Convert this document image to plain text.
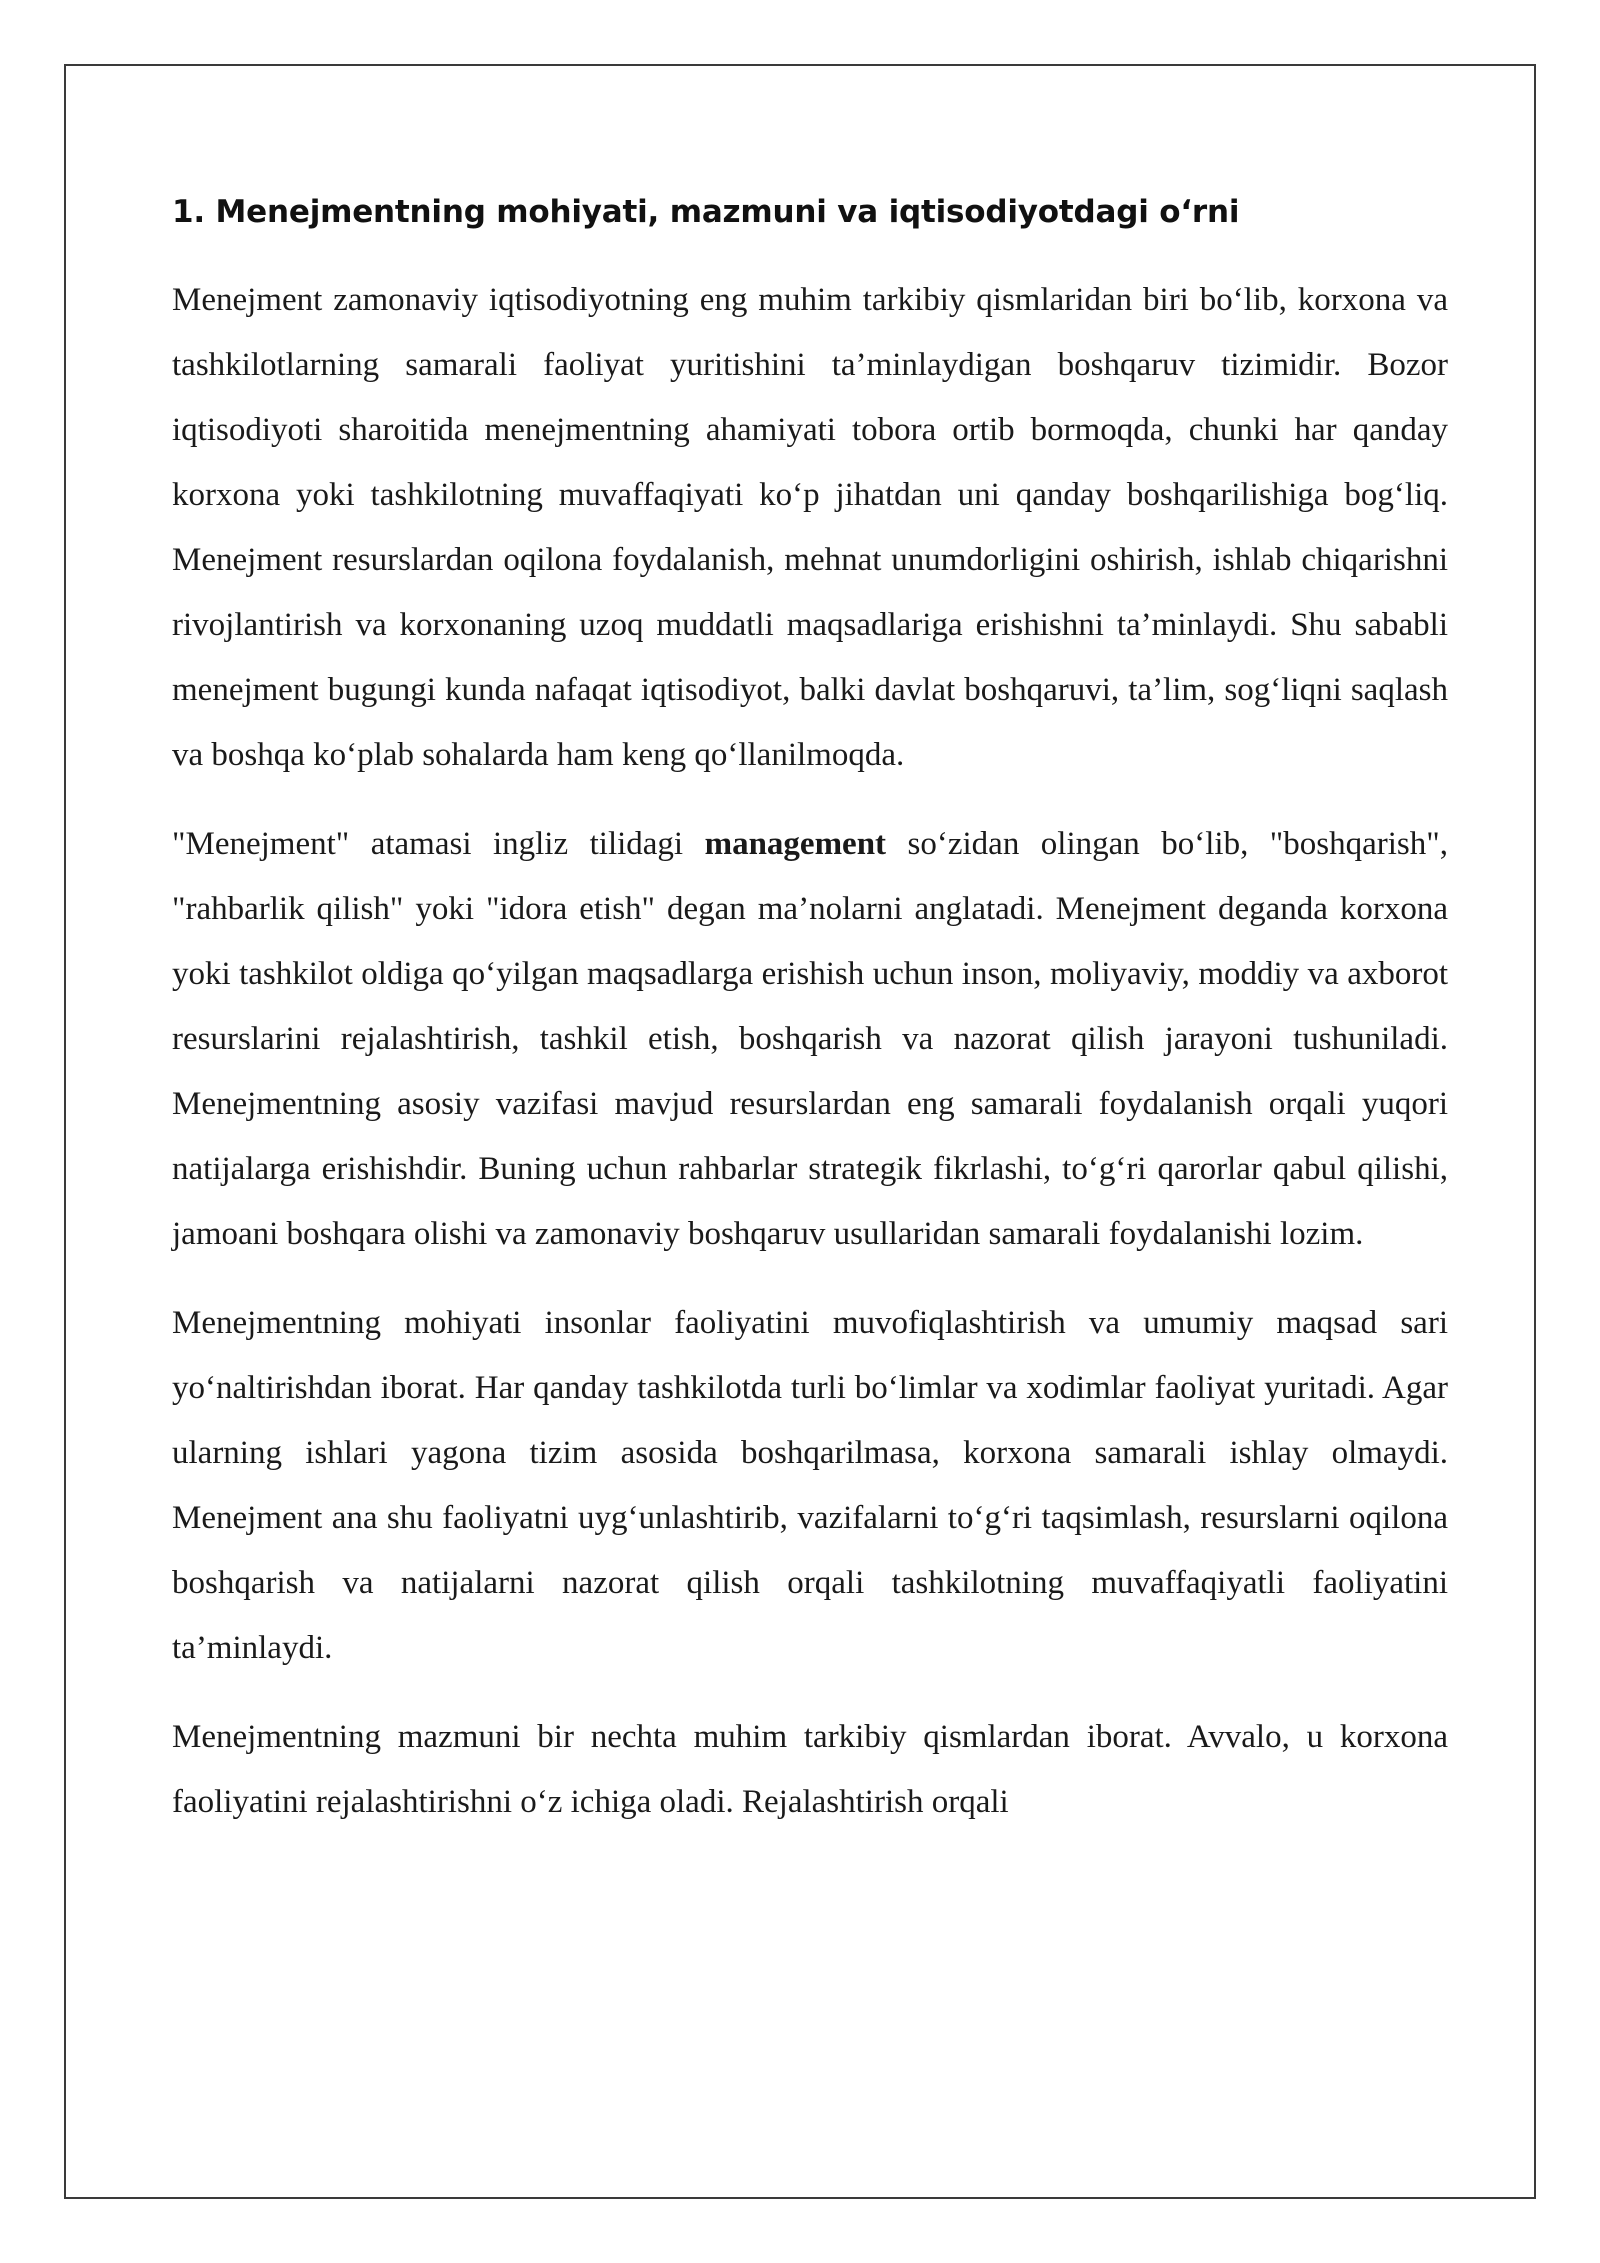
1. Menejmentning mohiyati, mazmuni va iqtisodiyotdagi o‘rni

Menejment zamonaviy iqtisodiyotning eng muhim tarkibiy qismlaridan biri bo‘lib, korxona va tashkilotlarning samarali faoliyat yuritishini ta’minlaydigan boshqaruv tizimidir. Bozor iqtisodiyoti sharoitida menejmentning ahamiyati tobora ortib bormoqda, chunki har qanday korxona yoki tashkilotning muvaffaqiyati ko‘p jihatdan uni qanday boshqarilishiga bog‘liq. Menejment resurslardan oqilona foydalanish, mehnat unumdorligini oshirish, ishlab chiqarishni rivojlantirish va korxonaning uzoq muddatli maqsadlariga erishishni ta’minlaydi. Shu sababli menejment bugungi kunda nafaqat iqtisodiyot, balki davlat boshqaruvi, ta’lim, sog‘liqni saqlash va boshqa ko‘plab sohalarda ham keng qo‘llanilmoqda.

"Menejment" atamasi ingliz tilidagi management so‘zidan olingan bo‘lib, "boshqarish", "rahbarlik qilish" yoki "idora etish" degan ma’nolarni anglatadi. Menejment deganda korxona yoki tashkilot oldiga qo‘yilgan maqsadlarga erishish uchun inson, moliyaviy, moddiy va axborot resurslarini rejalashtirish, tashkil etish, boshqarish va nazorat qilish jarayoni tushuniladi. Menejmentning asosiy vazifasi mavjud resurslardan eng samarali foydalanish orqali yuqori natijalarga erishishdir. Buning uchun rahbarlar strategik fikrlashi, to‘g‘ri qarorlar qabul qilishi, jamoani boshqara olishi va zamonaviy boshqaruv usullaridan samarali foydalanishi lozim.

Menejmentning mohiyati insonlar faoliyatini muvofiqlashtirish va umumiy maqsad sari yo‘naltirishdan iborat. Har qanday tashkilotda turli bo‘limlar va xodimlar faoliyat yuritadi. Agar ularning ishlari yagona tizim asosida boshqarilmasa, korxona samarali ishlay olmaydi. Menejment ana shu faoliyatni uyg‘unlashtirib, vazifalarni to‘g‘ri taqsimlash, resurslarni oqilona boshqarish va natijalarni nazorat qilish orqali tashkilotning muvaffaqiyatli faoliyatini ta’minlaydi.

Menejmentning mazmuni bir nechta muhim tarkibiy qismlardan iborat. Avvalo, u korxona faoliyatini rejalashtirishni o‘z ichiga oladi. Rejalashtirish orqali
